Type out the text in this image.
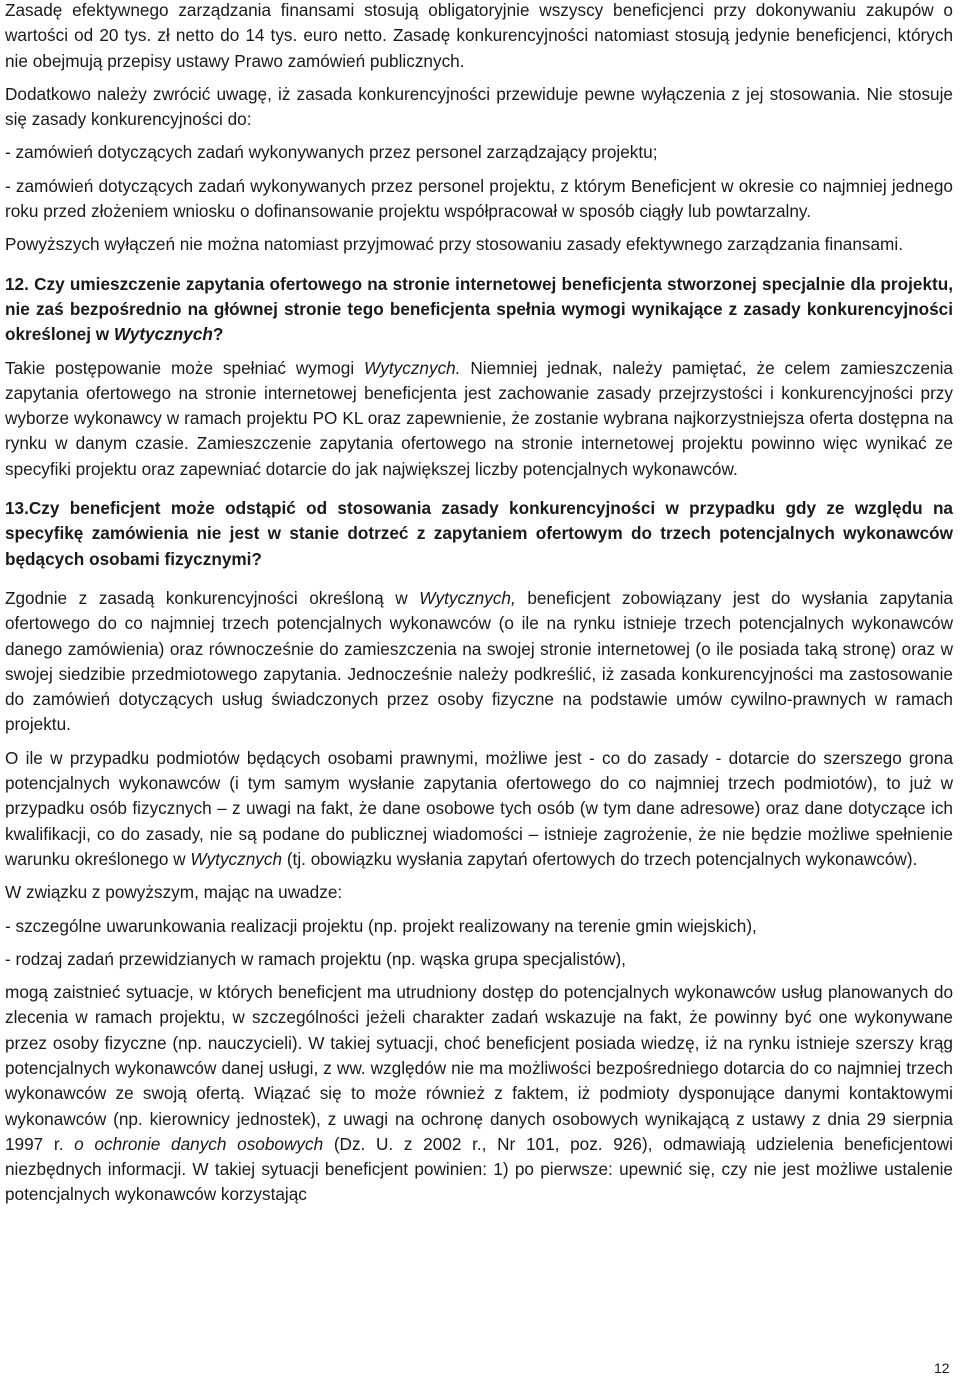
Zasadę efektywnego zarządzania finansami stosują obligatoryjnie wszyscy beneficjenci przy dokonywaniu zakupów o wartości od 20 tys. zł netto do 14 tys. euro netto. Zasadę konkurencyjności natomiast stosują jedynie beneficjenci, których nie obejmują przepisy ustawy Prawo zamówień publicznych.

Dodatkowo należy zwrócić uwagę, iż zasada konkurencyjności przewiduje pewne wyłączenia z jej stosowania. Nie stosuje się zasady konkurencyjności do:

- zamówień dotyczących zadań wykonywanych przez personel zarządzający projektu;

- zamówień dotyczących zadań wykonywanych przez personel projektu, z którym Beneficjent w okresie co najmniej jednego roku przed złożeniem wniosku o dofinansowanie projektu współpracował w sposób ciągły lub powtarzalny.

Powyższych wyłączeń nie można natomiast przyjmować przy stosowaniu zasady efektywnego zarządzania finansami.

12. Czy umieszczenie zapytania ofertowego na stronie internetowej beneficjenta stworzonej specjalnie dla projektu, nie zaś bezpośrednio na głównej stronie tego beneficjenta spełnia wymogi wynikające z zasady konkurencyjności określonej w Wytycznych?

Takie postępowanie może spełniać wymogi Wytycznych. Niemniej jednak, należy pamiętać, że celem zamieszczenia zapytania ofertowego na stronie internetowej beneficjenta jest zachowanie zasady przejrzystości i konkurencyjności przy wyborze wykonawcy w ramach projektu PO KL oraz zapewnienie, że zostanie wybrana najkorzystniejsza oferta dostępna na rynku w danym czasie. Zamieszczenie zapytania ofertowego na stronie internetowej projektu powinno więc wynikać ze specyfiki projektu oraz zapewniać dotarcie do jak największej liczby potencjalnych wykonawców.

13.Czy beneficjent może odstąpić od stosowania zasady konkurencyjności w przypadku gdy ze względu na specyfikę zamówienia nie jest w stanie dotrzeć z zapytaniem ofertowym do trzech potencjalnych wykonawców będących osobami fizycznymi?

Zgodnie z zasadą konkurencyjności określoną w Wytycznych, beneficjent zobowiązany jest do wysłania zapytania ofertowego do co najmniej trzech potencjalnych wykonawców (o ile na rynku istnieje trzech potencjalnych wykonawców danego zamówienia) oraz równocześnie do zamieszczenia na swojej stronie internetowej (o ile posiada taką stronę) oraz w swojej siedzibie przedmiotowego zapytania. Jednocześnie należy podkreślić, iż zasada konkurencyjności ma zastosowanie do zamówień dotyczących usług świadczonych przez osoby fizyczne na podstawie umów cywilno-prawnych w ramach projektu.

O ile w przypadku podmiotów będących osobami prawnymi, możliwe jest - co do zasady - dotarcie do szerszego grona potencjalnych wykonawców (i tym samym wysłanie zapytania ofertowego do co najmniej trzech podmiotów), to już w przypadku osób fizycznych – z uwagi na fakt, że dane osobowe tych osób (w tym dane adresowe) oraz dane dotyczące ich kwalifikacji, co do zasady, nie są podane do publicznej wiadomości – istnieje zagrożenie, że nie będzie możliwe spełnienie warunku określonego w Wytycznych (tj. obowiązku wysłania zapytań ofertowych do trzech potencjalnych wykonawców).

W związku z powyższym, mając na uwadze:

- szczególne uwarunkowania realizacji projektu (np. projekt realizowany na terenie gmin wiejskich),

- rodzaj zadań przewidzianych w ramach projektu (np. wąska grupa specjalistów),

mogą zaistnieć sytuacje, w których beneficjent ma utrudniony dostęp do potencjalnych wykonawców usług planowanych do zlecenia w ramach projektu, w szczególności jeżeli charakter zadań wskazuje na fakt, że powinny być one wykonywane przez osoby fizyczne (np. nauczycieli). W takiej sytuacji, choć beneficjent posiada wiedzę, iż na rynku istnieje szerszy krąg potencjalnych wykonawców danej usługi, z ww. względów nie ma możliwości bezpośredniego dotarcia do co najmniej trzech wykonawców ze swoją ofertą. Wiązać się to może również z faktem, iż podmioty dysponujące danymi kontaktowymi wykonawców (np. kierownicy jednostek), z uwagi na ochronę danych osobowych wynikającą z ustawy z dnia 29 sierpnia 1997 r. o ochronie danych osobowych (Dz. U. z 2002 r., Nr 101, poz. 926), odmawiają udzielenia beneficjentowi niezbędnych informacji. W takiej sytuacji beneficjent powinien: 1) po pierwsze: upewnić się, czy nie jest możliwe ustalenie potencjalnych wykonawców korzystając

12
